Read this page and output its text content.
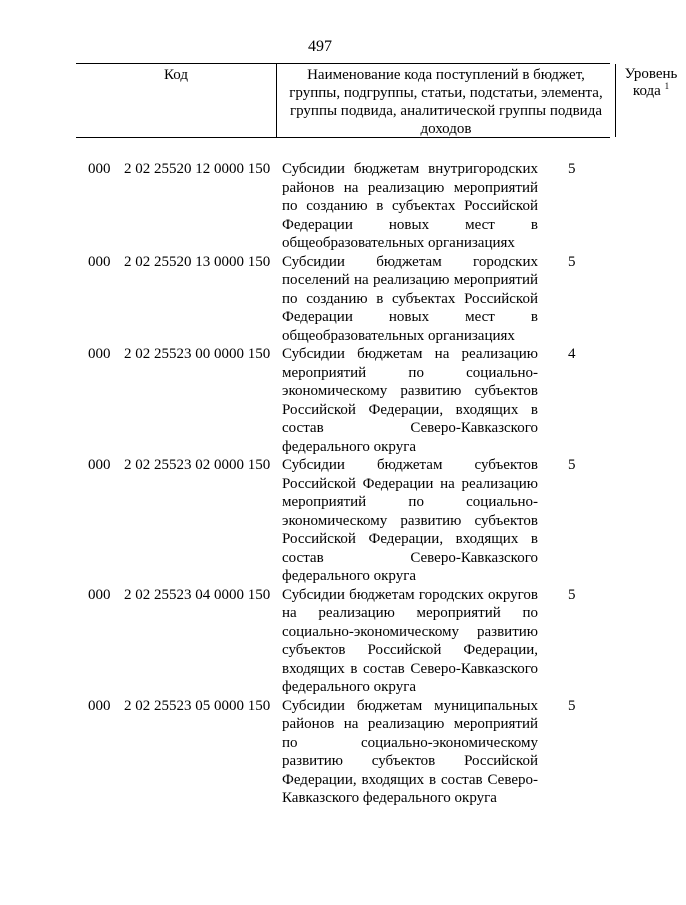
497
Код	Наименование кода поступлений в бюджет, группы, подгруппы, статьи, подстатьи, элемента, группы подвида, аналитической группы подвида доходов
Уровень кода $^1$
000 2 02 25520 12 0000 150 Субсидии бюджетам внутригородских районов на реализацию мероприятий по созданию в субъектах Российской Федерации новых мест в общеобразовательных организациях
5
000 2 02 25520 13 0000 150 Субсидии бюджетам городских поселений на реализацию мероприятий по созданию в субъектах Российской Федерации новых мест в общеобразовательных организациях
5
000 2 02 25523 00 0000 150 Субсидии бюджетам на реализацию мероприятий по социально-экономическому развитию субъектов Российской Федерации, входящих в состав Северо-Кавказского федерального округа
4
000 2 02 25523 02 0000 150 Субсидии бюджетам субъектов Российской Федерации на реализацию мероприятий по социально-экономическому развитию субъектов Российской Федерации, входящих в состав Северо-Кавказского федерального округа
5
000 2 02 25523 04 0000 150 Субсидии бюджетам городских округов на реализацию мероприятий по социально-экономическому развитию субъектов Российской Федерации, входящих в состав Северо-Кавказского федерального округа
5
000 2 02 25523 05 0000 150 Субсидии бюджетам муниципальных районов на реализацию мероприятий по социально-экономическому развитию субъектов Российской Федерации, входящих в состав Северо-Кавказского федерального округа
5
